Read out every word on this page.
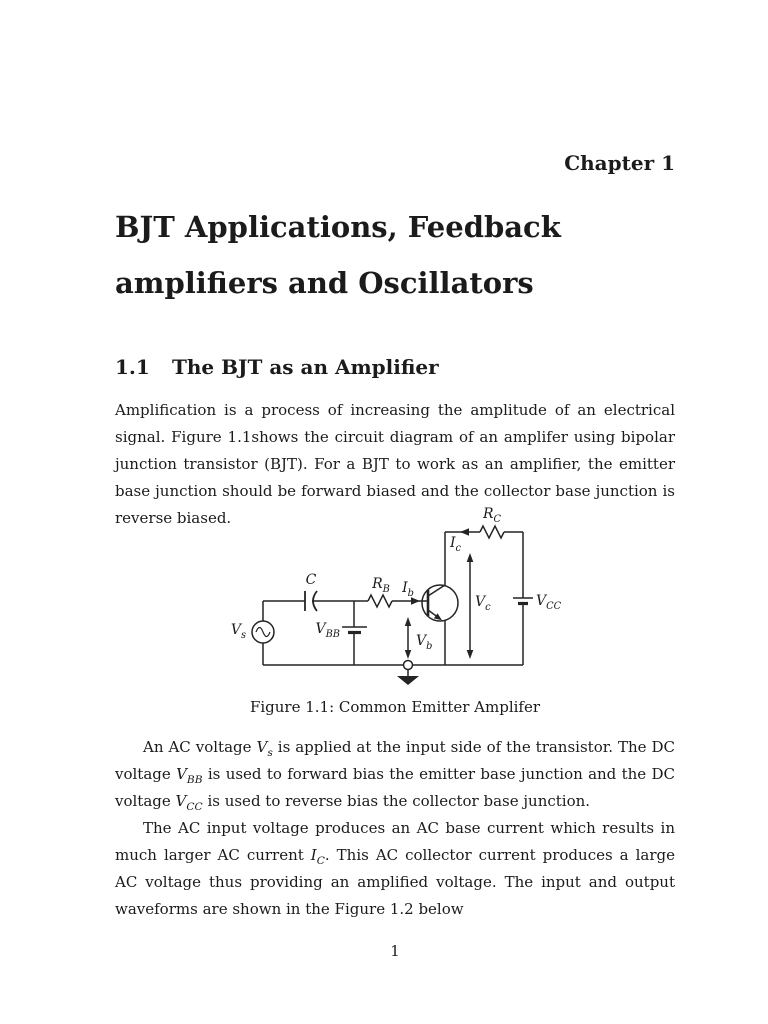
Chapter 1
BJT Applications, Feedback
amplifiers and Oscillators
1.1 The BJT as an Amplifier

Amplification is a process of increasing the amplitude of an electrical signal. Figure 1.1shows the circuit diagram of an amplifer using bipolar junction transistor (BJT). For a BJT to work as an amplifier, the emitter base junction should be forward biased and the collector base junction is reverse biased.	$R_C$
$I_c$
C	$R_B$ $I_b$
$V_s$	$V_{BB}$	$V_b$
$V_c$	$V_{CC}$
Figure 1.1: Common Emitter Amplifer

An AC voltage $V_s$ is applied at the input side of the transistor. The DC voltage $V_{BB}$ is used to forward bias the emitter base junction and the DC voltage $V_{CC}$ is used to reverse bias the collector base junction.

The AC input voltage produces an AC base current which results in much larger AC current $I_C$. This AC collector current produces a large AC voltage thus providing an amplified voltage. The input and output waveforms are shown in the Figure 1.2 below

1
